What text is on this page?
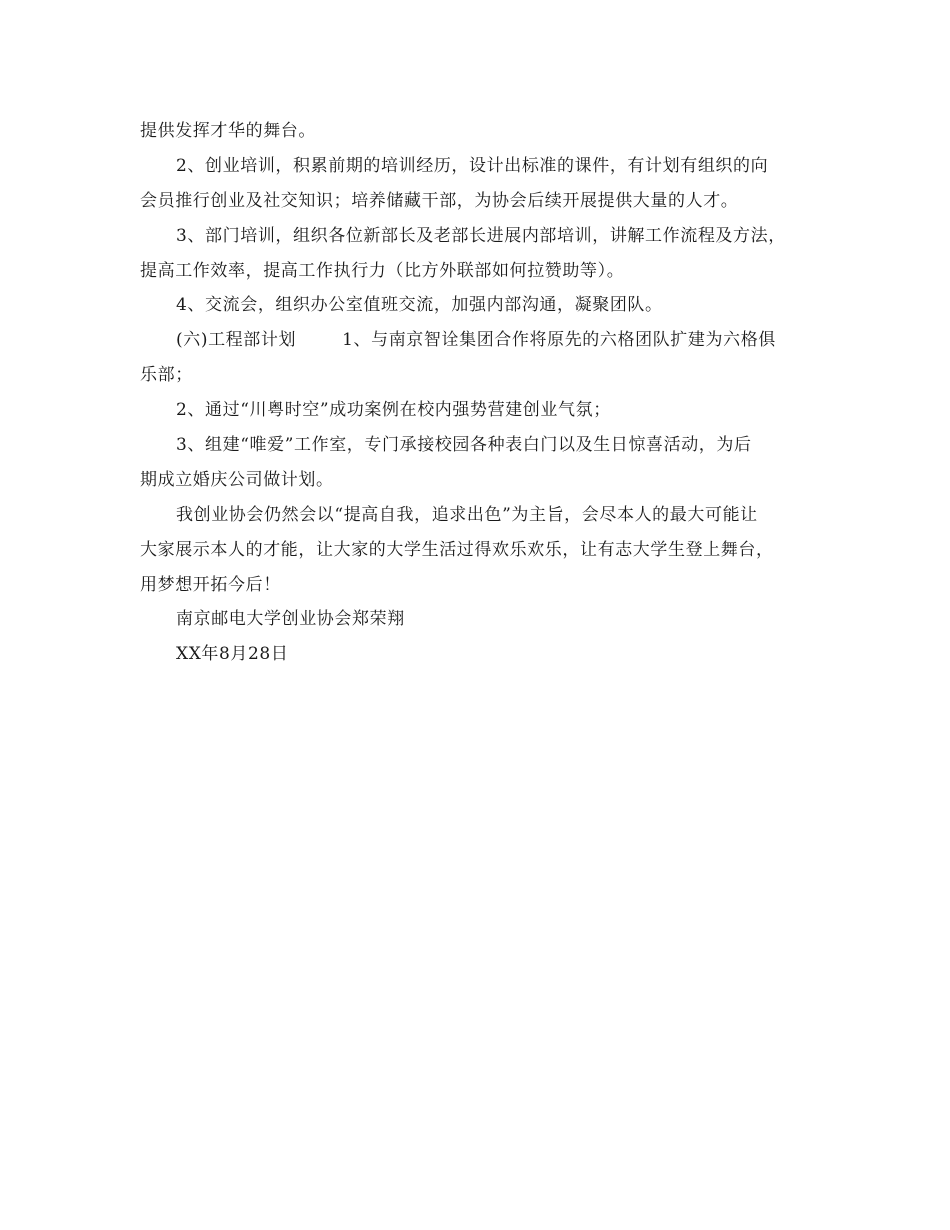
提供发挥才华的舞台。
2、创业培训，积累前期的培训经历，设计出标准的课件，有计划有组织的向
会员推行创业及社交知识；培养储藏干部，为协会后续开展提供大量的人才。
3、部门培训，组织各位新部长及老部长进展内部培训，讲解工作流程及方法，
提高工作效率，提高工作执行力（比方外联部如何拉赞助等）。
4、交流会，组织办公室值班交流，加强内部沟通，凝聚团队。
(六)工程部计划	1、与南京智诠集团合作将原先的六格团队扩建为六格俱
乐部；
2、通过“川粤时空”成功案例在校内强势营建创业气氛；
3、组建“唯爱”工作室，专门承接校园各种表白门以及生日惊喜活动，为后
期成立婚庆公司做计划。
我创业协会仍然会以“提高自我，追求出色”为主旨，会尽本人的最大可能让
大家展示本人的才能，让大家的大学生活过得欢乐欢乐，让有志大学生登上舞台，
用梦想开拓今后！
南京邮电大学创业协会郑荣翔
XX年8月28日
